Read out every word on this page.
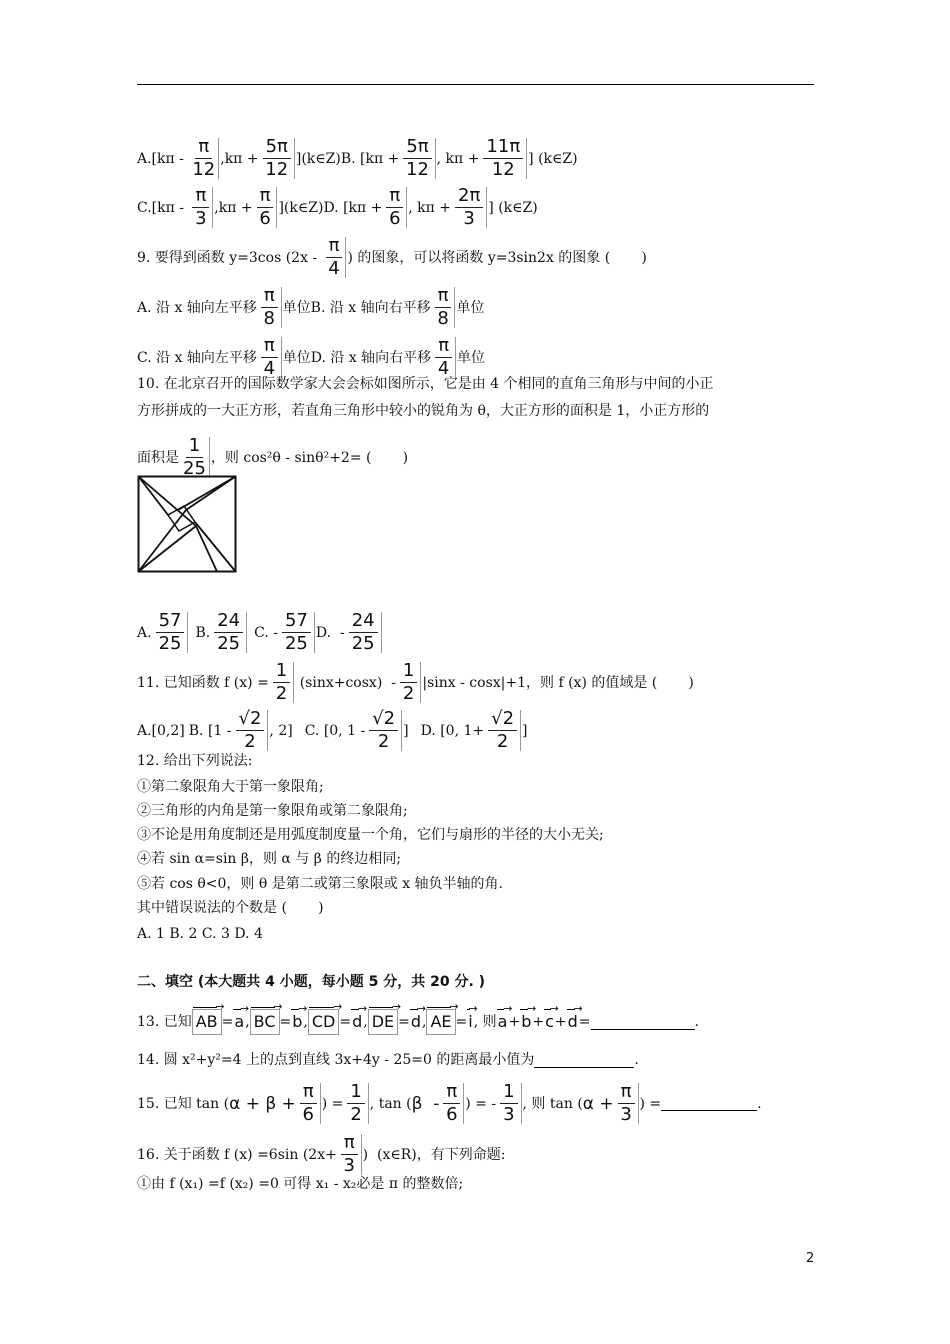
$A.[k\pi - \frac{\pi}{12} ,k\pi + \frac{5\pi}{12}$ ](k∈Z) B. [$k\pi + \frac{5\pi}{12}$ , $k\pi + \frac{11\pi}{12}$ ] (k∈Z)
$C.[k\pi - \frac{\pi}{3} ,k\pi + \frac{\pi}{6}$ ](k∈Z) D. [$k\pi + \frac{\pi}{6}$ , $k\pi + \frac{2\pi}{3}$ ] (k∈Z)
9. 要得到函数 y=3cos ($2x - \frac{\pi}{4}$ ) 的图象，可以将函数 y=3sin2x 的图象 (       )
A. 沿 x 轴向左平移 $\frac{\pi}{8}$ 单位 B. 沿 x 轴向右平移 $\frac{\pi}{8}$ 单位
C. 沿 x 轴向左平移 $\frac{\pi}{4}$ 单位 D. 沿 x 轴向右平移 $\frac{\pi}{4}$ 单位
10. 在北京召开的国际数学家大会会标如图所示，它是由 4 个相同的直角三角形与中间的小正
方形拼成的一大正方形，若直角三角形中较小的锐角为 θ，大正方形的面积是 1，小正方形的
面积是 $\frac{1}{25}$ ，则 cos²θ - sinθ²+2= (       )
A. $\frac{57}{25} B$. $\frac{24}{25} C$. - $\frac{57}{25} D$.  - $\frac{24}{25}$
11. 已知函数 f $(x) = \frac{1}{2} (\sin x+\cos x) - \frac{1}{2} |\sin x - \cos x|+1$，则 f (x) 的值域是 (       )
A.[0,2] B. [$1 - \frac{√2}{2}$ , 2] C. [0, $1 - \frac{√2}{2}$ ] D. [0, $1+ \frac{√2}{2}$ ]
12. 给出下列说法:
①第二象限角大于第一象限角;
②三角形的内角是第一象限角或第二象限角;
③不论是用角度制还是用弧度制度量一个角，它们与扇形的半径的大小无关;
④若 sin α=sin β，则 α 与 β 的终边相同;
⑤若 cos θ<0，则 θ 是第二或第三象限或 x 轴负半轴的角.
其中错误说法的个数是 (       )
A. 1 B. 2 C. 3 D. 4
二、填空 (本大题共 4 小题，每小题 5 分，共 20 分. )
13. 已知 AB → = a → , BC → = b → , CD → = d → , DE → = d → , AE → = i → , 则 a → + b → + c → + d → =	.
14. 圆 x²+y²=4 上的点到直线 3x+4y - 25=0 的距离最小值为	.
15. 已知 tan ( $\alpha + \beta + \frac{\pi}{6}$ ) = $\frac{1}{2}$ , tan ( β  - $\frac{\pi}{6}$ ) = - $\frac{1}{3}$ , 则 tan ( $\alpha + \frac{\pi}{3}$ ) =	.
16. 关于函数 f (x) =6sin ($2x+ \frac{\pi}{3}$ )  (x∈R)，有下列命题:
①由 f (x₁) =f (x₂) =0 可得 x₁ - x₂必是 π 的整数倍;
2
